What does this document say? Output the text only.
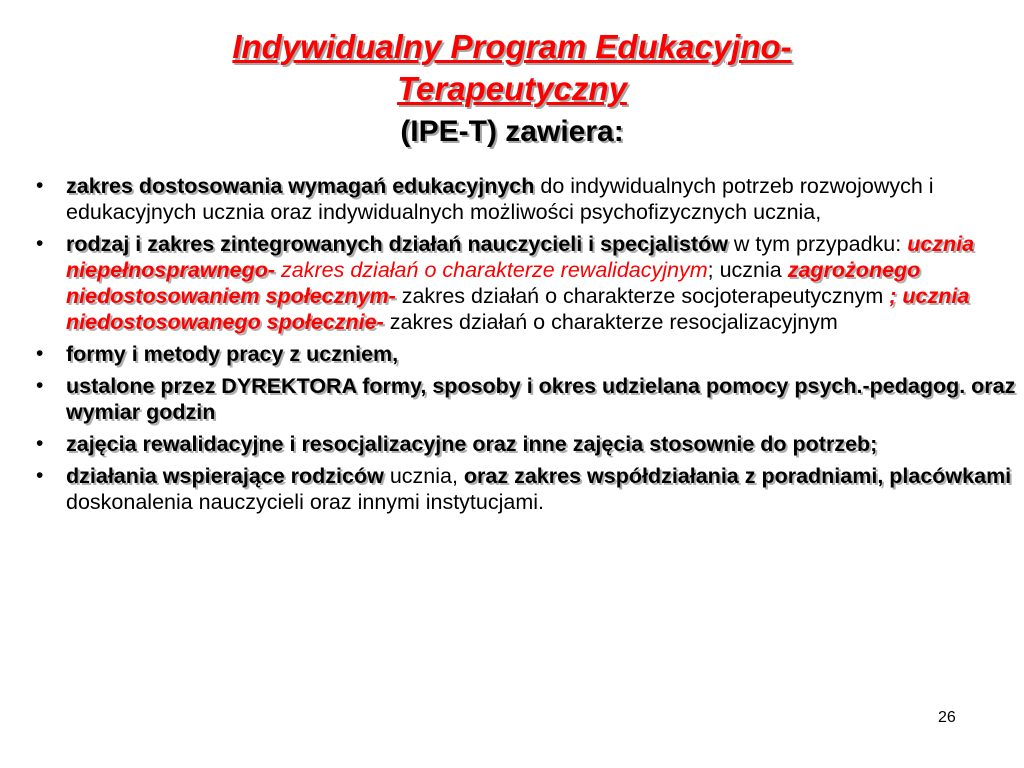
Indywidualny Program Edukacyjno-
Terapeutyczny
(IPE-T) zawiera:
• zakres dostosowania wymagań edukacyjnych do indywidualnych potrzeb rozwojowych i edukacyjnych ucznia oraz indywidualnych możliwości psychofizycznych ucznia,
• rodzaj i zakres zintegrowanych działań nauczycieli i specjalistów w tym przypadku: ucznia niepełnosprawnego- zakres działań o charakterze rewalidacyjnym; ucznia zagrożonego niedostosowaniem społecznym- zakres działań o charakterze socjoterapeutycznym ; ucznia niedostosowanego społecznie- zakres działań o charakterze resocjalizacyjnym
• formy i metody pracy z uczniem,
• ustalone przez DYREKTORA formy, sposoby i okres udzielana pomocy psych.-pedagog. oraz wymiar godzin
• zajęcia rewalidacyjne i resocjalizacyjne oraz inne zajęcia stosownie do potrzeb;
• działania wspierające rodziców ucznia, oraz zakres współdziałania z poradniami, placówkami doskonalenia nauczycieli oraz innymi instytucjami.
26
